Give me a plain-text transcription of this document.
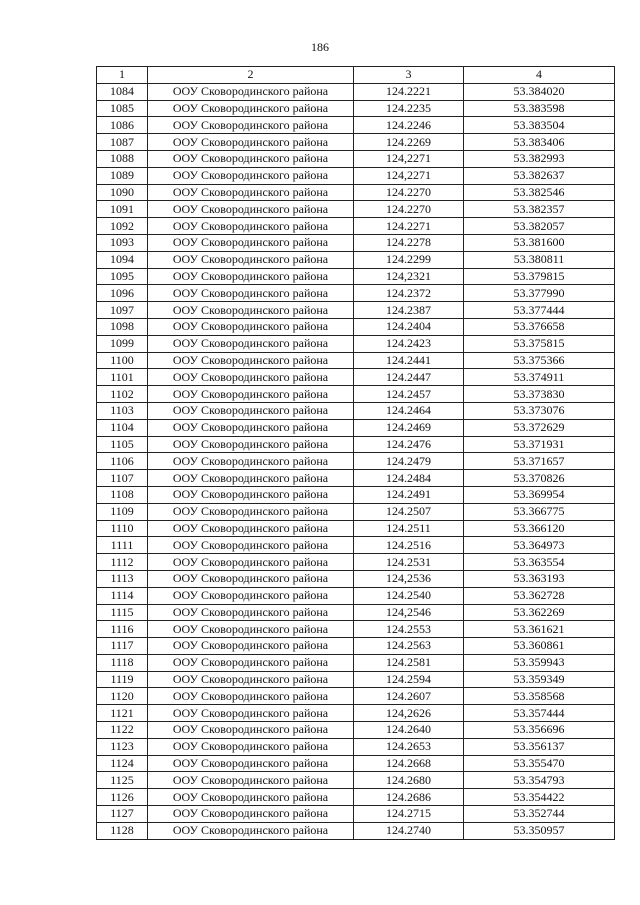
186
1	2	3	4
1084	ООУ Сковородинского района	124.2221	53.384020
1085	ООУ Сковородинского района	124.2235	53.383598
1086	ООУ Сковородинского района	124.2246	53.383504
1087	ООУ Сковородинского района	124.2269	53.383406
1088	ООУ Сковородинского района	124,2271	53.382993
1089	ООУ Сковородинского района	124,2271	53.382637
1090	ООУ Сковородинского района	124.2270	53.382546
1091	ООУ Сковородинского района	124.2270	53.382357
1092	ООУ Сковородинского района	124.2271	53.382057
1093	ООУ Сковородинского района	124.2278	53.381600
1094	ООУ Сковородинского района	124.2299	53.380811
1095	ООУ Сковородинского района	124,2321	53.379815
1096	ООУ Сковородинского района	124.2372	53.377990
1097	ООУ Сковородинского района	124.2387	53.377444
1098	ООУ Сковородинского района	124.2404	53.376658
1099	ООУ Сковородинского района	124.2423	53.375815
1100	ООУ Сковородинского района	124.2441	53.375366
1101	ООУ Сковородинского района	124.2447	53.374911
1102	ООУ Сковородинского района	124.2457	53.373830
1103	ООУ Сковородинского района	124.2464	53.373076
1104	ООУ Сковородинского района	124.2469	53.372629
1105	ООУ Сковородинского района	124.2476	53.371931
1106	ООУ Сковородинского района	124.2479	53.371657
1107	ООУ Сковородинского района	124.2484	53.370826
1108	ООУ Сковородинского района	124.2491	53.369954
1109	ООУ Сковородинского района	124.2507	53.366775
1110	ООУ Сковородинского района	124.2511	53.366120
1111	ООУ Сковородинского района	124.2516	53.364973
1112	ООУ Сковородинского района	124.2531	53.363554
1113	ООУ Сковородинского района	124,2536	53.363193
1114	ООУ Сковородинского района	124.2540	53.362728
1115	ООУ Сковородинского района	124,2546	53.362269
1116	ООУ Сковородинского района	124.2553	53.361621
1117	ООУ Сковородинского района	124.2563	53.360861
1118	ООУ Сковородинского района	124.2581	53.359943
1119	ООУ Сковородинского района	124.2594	53.359349
1120	ООУ Сковородинского района	124.2607	53.358568
1121	ООУ Сковородинского района	124,2626	53.357444
1122	ООУ Сковородинского района	124.2640	53.356696
1123	ООУ Сковородинского района	124.2653	53.356137
1124	ООУ Сковородинского района	124.2668	53.355470
1125	ООУ Сковородинского района	124.2680	53.354793
1126	ООУ Сковородинского района	124.2686	53.354422
1127	ООУ Сковородинского района	124.2715	53.352744
1128	ООУ Сковородинского района	124.2740	53.350957
